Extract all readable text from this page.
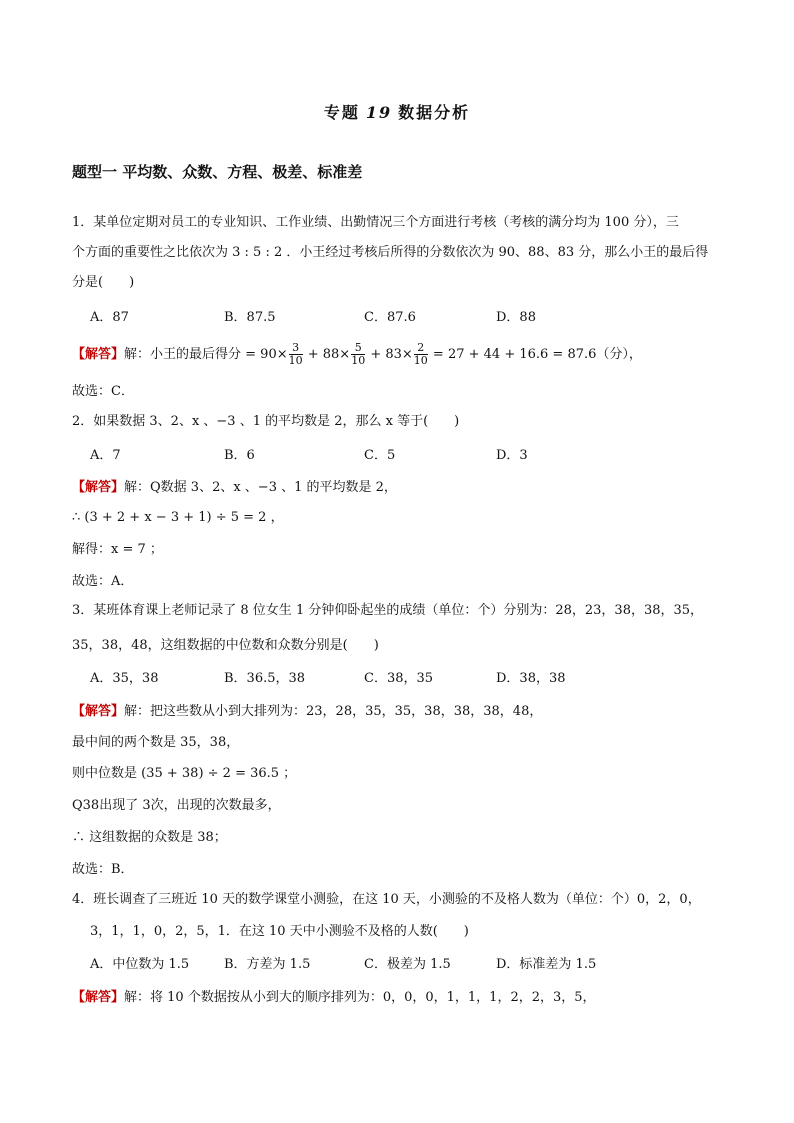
专题 19 数据分析
题型一 平均数、众数、方程、极差、标准差
1．某单位定期对员工的专业知识、工作业绩、出勤情况三个方面进行考核（考核的满分均为 100 分），三
个方面的重要性之比依次为 3 : 5 : 2 ．小王经过考核后所得的分数依次为 90、88、83 分，那么小王的最后得
分是(　　)
A．87	B．87.5	C．87.6	D．88
【解答】解：小王的最后得分 = $90\times \frac{3}{10} + 88\times \frac{5}{10} + 83\times \frac{2}{10} = 27 + 44 + 16.6 = 87.6$（分），
故选：C．
2．如果数据 3、2、x 、−3 、1 的平均数是 2，那么 x 等于(　　)
A．7	B．6	C．5	D．3
【解答】解：Q数据 3、2、x 、−3 、1 的平均数是 2，
∴ (3 + 2 + x − 3 + 1) ÷ 5 = 2 ，
解得：x = 7 ；
故选：A．
3．某班体育课上老师记录了 8 位女生 1 分钟仰卧起坐的成绩（单位：个）分别为：28，23，38，38，35，
35，38，48，这组数据的中位数和众数分别是(　　)
A．35，38	B．36.5，38	C．38，35	D．38，38
【解答】解：把这些数从小到大排列为：23，28，35，35，38，38，38，48，
最中间的两个数是 35，38，
则中位数是 (35 + 38) ÷ 2 = 36.5 ；
Q38出现了 3次，出现的次数最多，
∴ 这组数据的众数是 38；
故选：B．
4．班长调查了三班近 10 天的数学课堂小测验，在这 10 天，小测验的不及格人数为（单位：个）0，2，0，
3，1，1，0，2，5，1．在这 10 天中小测验不及格的人数(　　)
A．中位数为 1.5	B．方差为 1.5	C．极差为 1.5	D．标准差为 1.5
【解答】解：将 10 个数据按从小到大的顺序排列为：0，0，0，1，1，1，2，2，3，5，
